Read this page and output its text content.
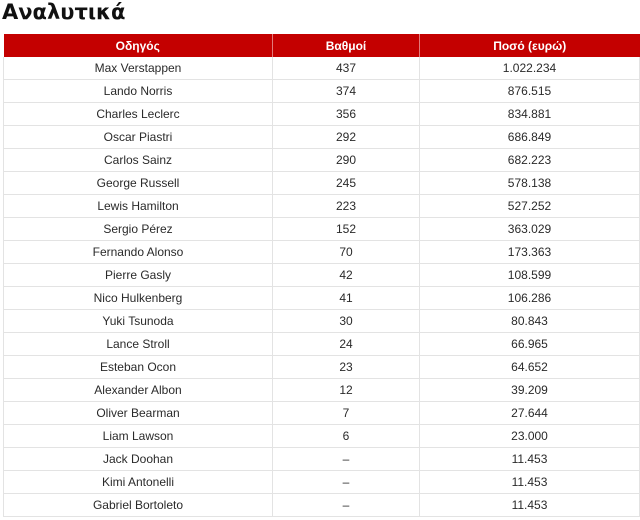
Αναλυτικά
Οδηγός	Βαθμοί	Ποσό (ευρώ)
Max Verstappen	437	1.022.234
Lando Norris	374	876.515
Charles Leclerc	356	834.881
Oscar Piastri	292	686.849
Carlos Sainz	290	682.223
George Russell	245	578.138
Lewis Hamilton	223	527.252
Sergio Pérez	152	363.029
Fernando Alonso	70	173.363
Pierre Gasly	42	108.599
Nico Hulkenberg	41	106.286
Yuki Tsunoda	30	80.843
Lance Stroll	24	66.965
Esteban Ocon	23	64.652
Alexander Albon	12	39.209
Oliver Bearman	7	27.644
Liam Lawson	6	23.000
Jack Doohan	–	11.453
Kimi Antonelli	–	11.453
Gabriel Bortoleto	–	11.453
